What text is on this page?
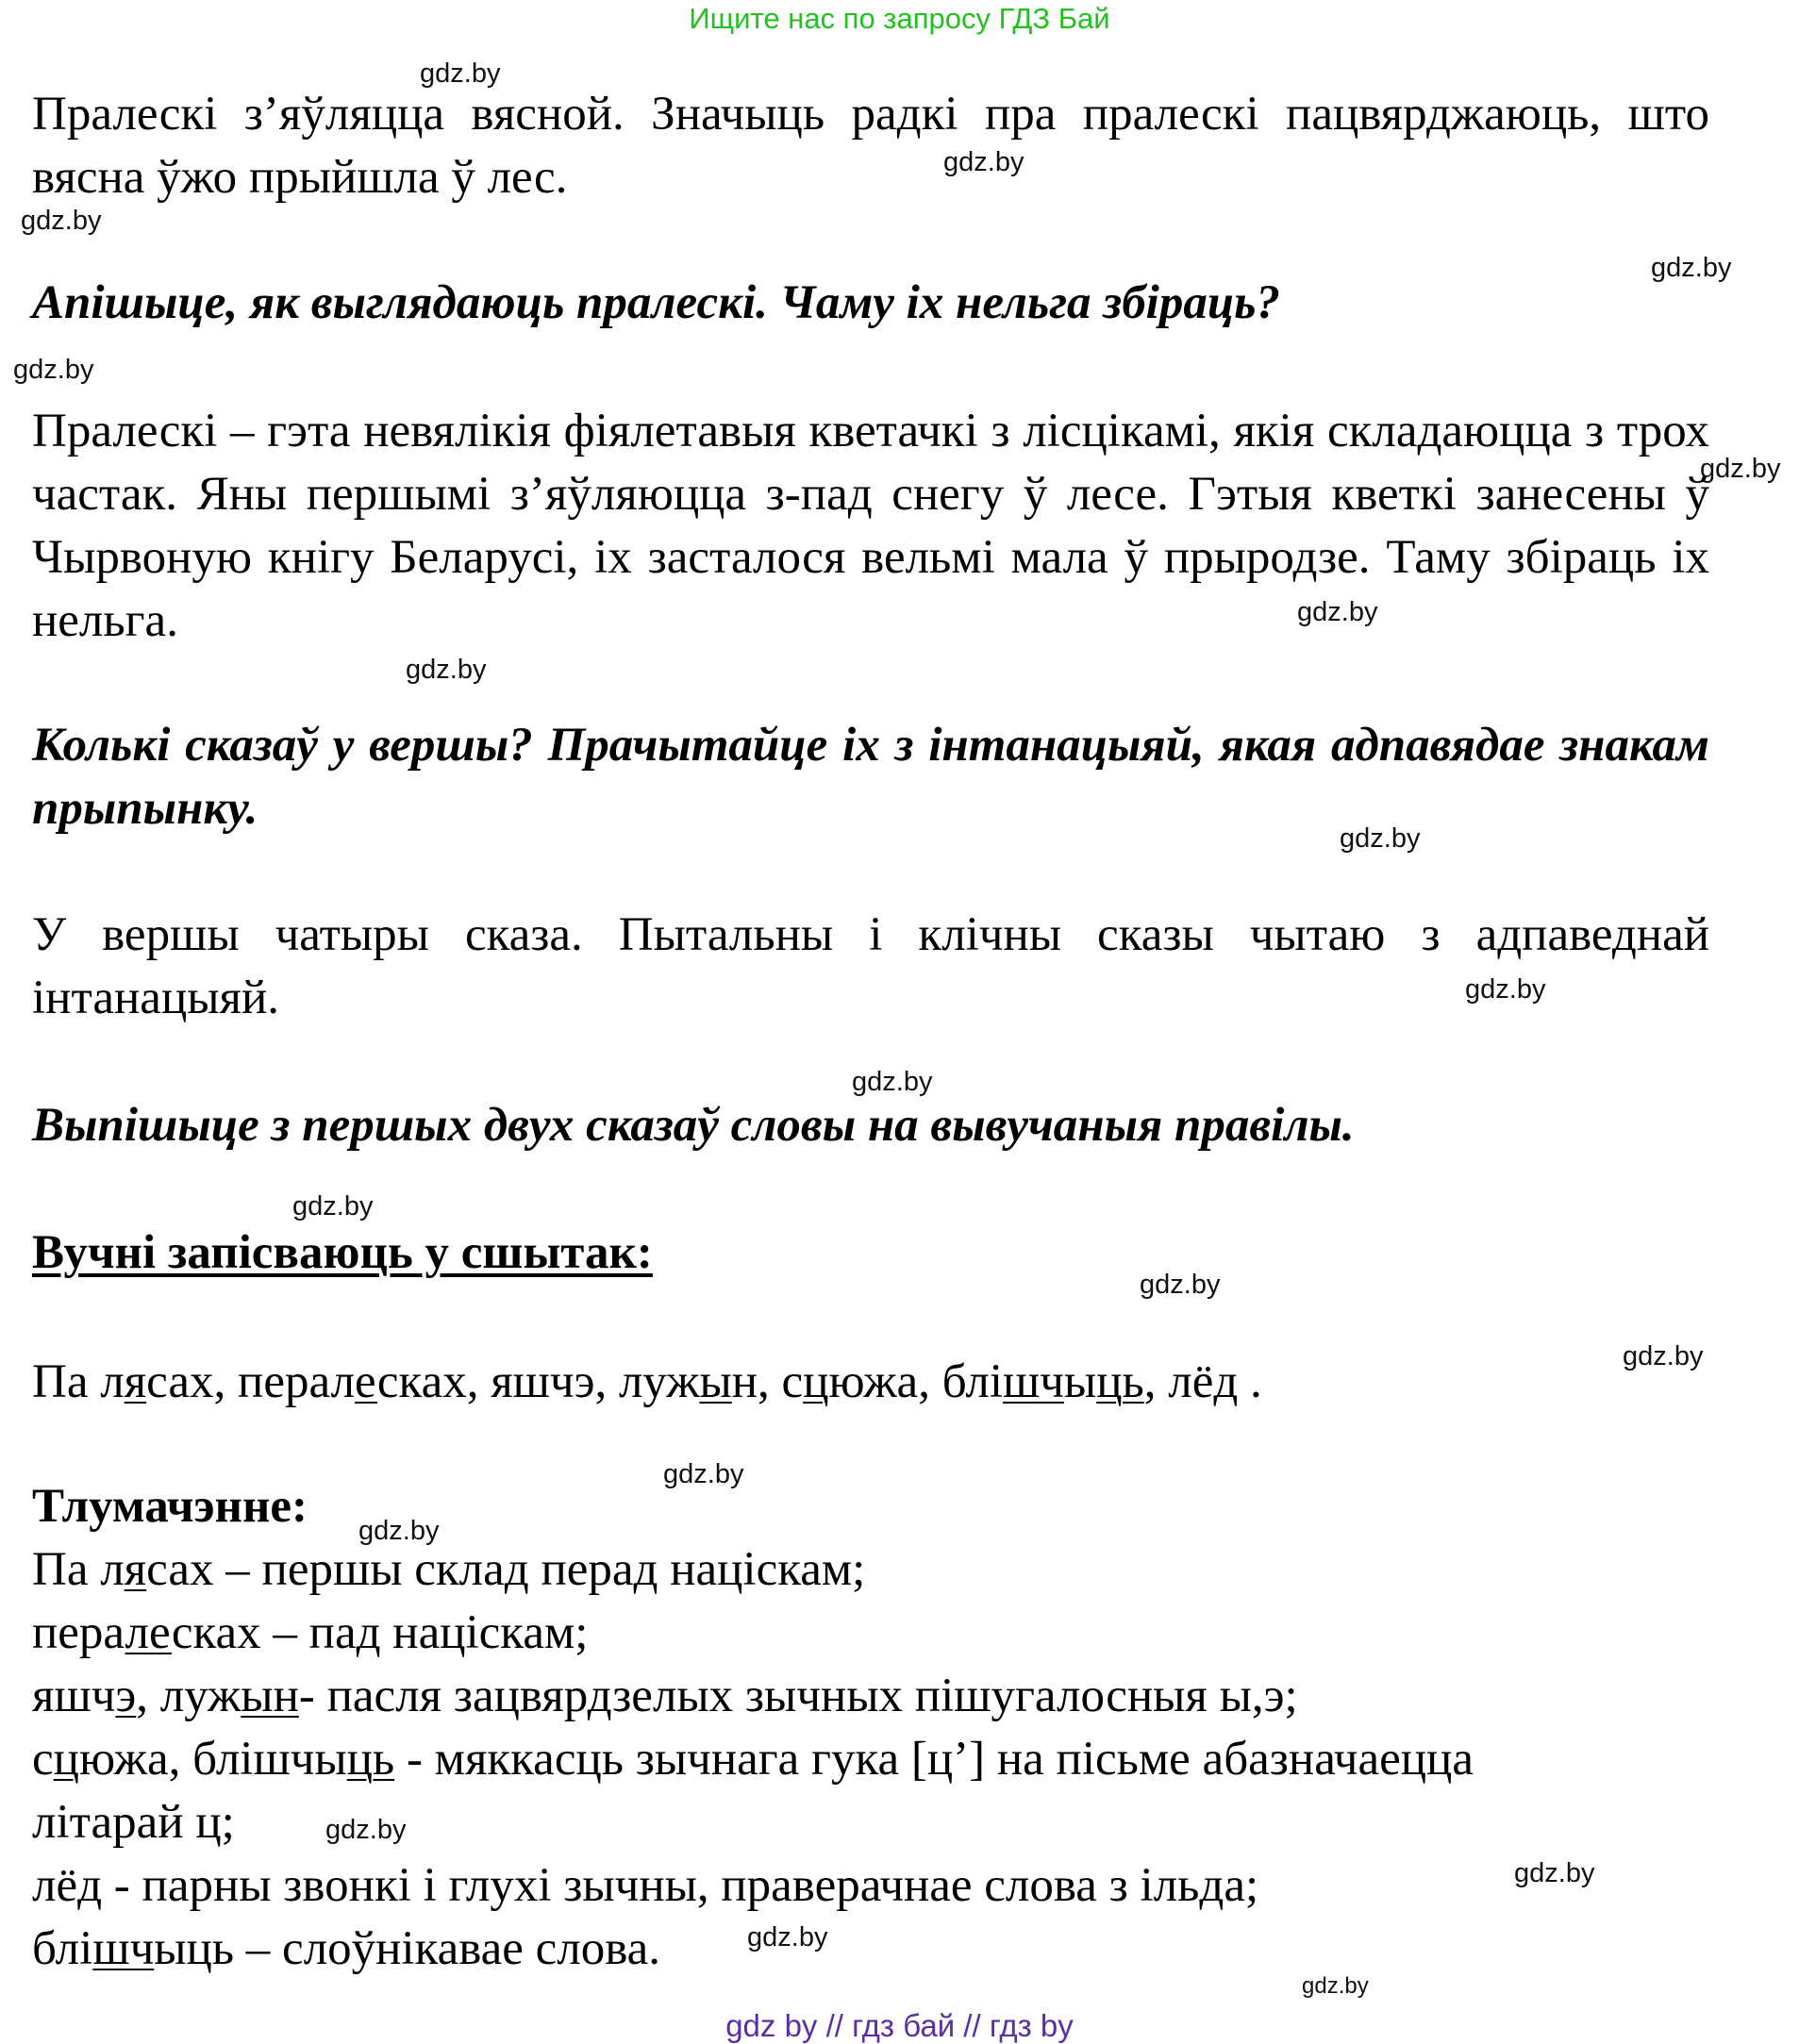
Ищите нас по запросу ГДЗ Бай
gdz.by
gdz.by
gdz.by
gdz.by
gdz.by
gdz.by
gdz.by
gdz.by
gdz.by
gdz.by
gdz.by
gdz.by
gdz.by
gdz.by
gdz.by
gdz.by
gdz.by
gdz.by
gdz.by
gdz.by

Пралескі з’яўляцца вясной. Значыць радкі пра пралескі пацвярджаюць, што вясна ўжо прыйшла ў лес.

Апішыце, як выглядаюць пралескі. Чаму іх нельга збіраць?

Пралескі – гэта невялікія фіялетавыя кветачкі з лісцікамі, якія складаюцца з трох частак. Яны першымі з’яўляюцца з-пад снегу ў лесе. Гэтыя кветкі занесены ў Чырвоную кнігу Беларусі, іх засталося вельмі мала ў прыродзе. Таму збіраць іх нельга.

Колькі сказаў у вершы? Прачытайце іх з інтанацыяй, якая адпавядае знакам прыпынку.

У вершы чатыры сказа. Пытальны і клічны сказы чытаю з адпаведнай інтанацыяй.

Выпішыце з першых двух сказаў словы на вывучаныя правілы.

Вучні запісваюць у сшытак:

Па лясах, пералесках, яшчэ, лужын, сцюжа, блішчыць, лёд .

Тлумачэнне:

Па лясах – першы склад перад націскам;
пералесках – пад націскам;
яшчэ, лужын- пасля зацвярдзелых зычных пішугалосныя ы,э;
сцюжа, блішчыць - мяккасць зычнага гука [ц’] на пісьме абазначаецца
літарай ц;
лёд - парны звонкі і глухі зычны, праверачнае слова з ільда;
блішчыць – слоўнікавае слова.
gdz by // гдз бай // гдз by
